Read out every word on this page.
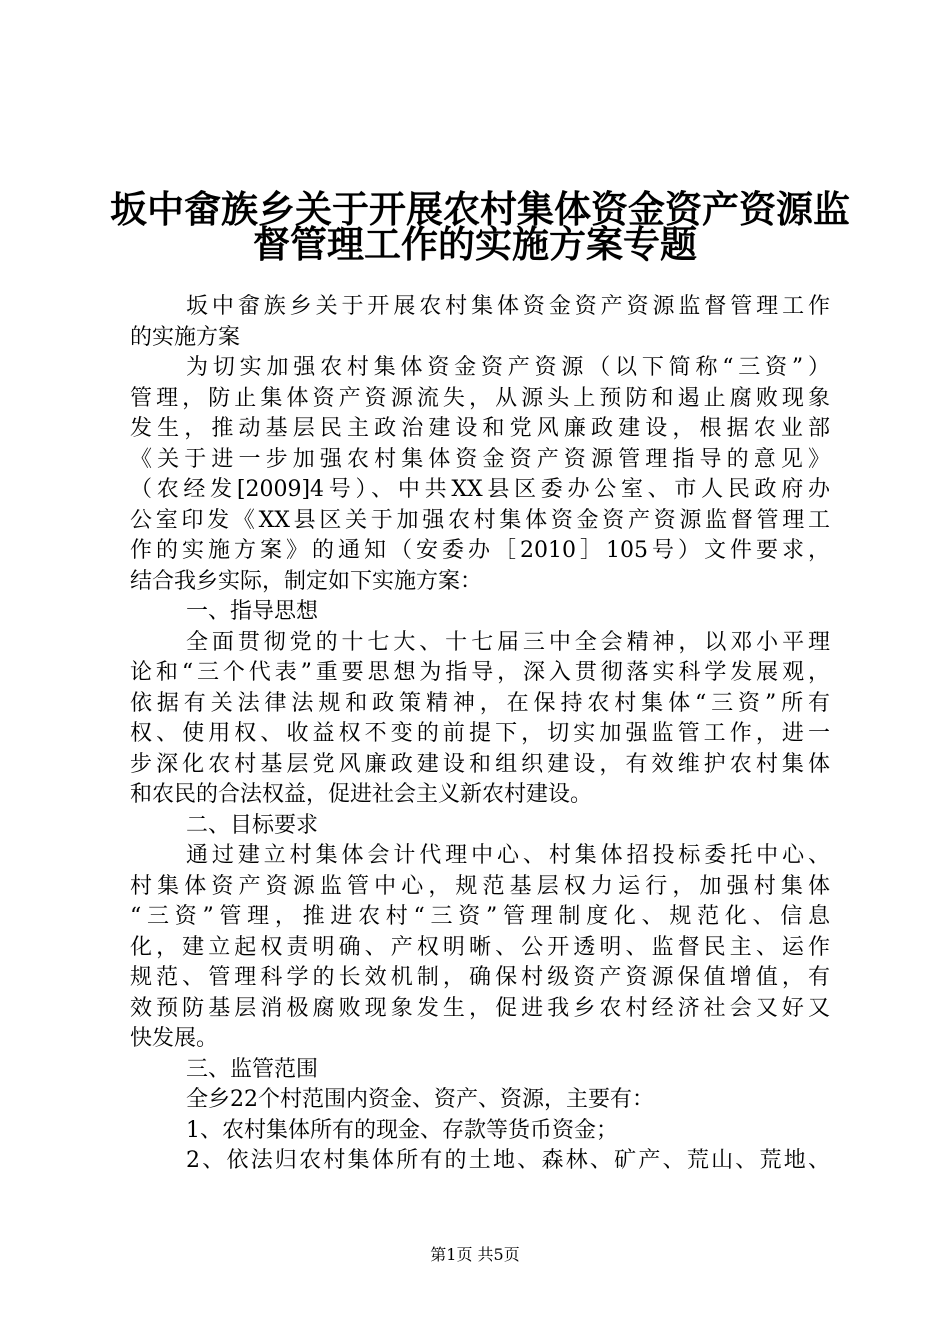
坂中畲族乡关于开展农村集体资金资产资源监
督管理工作的实施方案专题
坂中畲族乡关于开展农村集体资金资产资源监督管理工作
的实施方案
为切实加强农村集体资金资产资源（以下简称“三资”）
管理，防止集体资产资源流失，从源头上预防和遏止腐败现象
发生，推动基层民主政治建设和党风廉政建设，根据农业部
《关于进一步加强农村集体资金资产资源管理指导的意见》
（农经发[2009]4号）、中共XX县区委办公室、市人民政府办
公室印发《XX县区关于加强农村集体资金资产资源监督管理工
作的实施方案》的通知（安委办［2010］105号）文件要求，
结合我乡实际，制定如下实施方案：
一、指导思想
全面贯彻党的十七大、十七届三中全会精神，以邓小平理
论和“三个代表”重要思想为指导，深入贯彻落实科学发展观，
依据有关法律法规和政策精神，在保持农村集体“三资”所有
权、使用权、收益权不变的前提下，切实加强监管工作，进一
步深化农村基层党风廉政建设和组织建设，有效维护农村集体
和农民的合法权益，促进社会主义新农村建设。
二、目标要求
通过建立村集体会计代理中心、村集体招投标委托中心、
村集体资产资源监管中心，规范基层权力运行，加强村集体
“三资”管理，推进农村“三资”管理制度化、规范化、信息
化，建立起权责明确、产权明晰、公开透明、监督民主、运作
规范、管理科学的长效机制，确保村级资产资源保值增值，有
效预防基层消极腐败现象发生，促进我乡农村经济社会又好又
快发展。
三、监管范围
全乡22个村范围内资金、资产、资源，主要有：
1、农村集体所有的现金、存款等货币资金；
2、依法归农村集体所有的土地、森林、矿产、荒山、荒地、
第1页 共5页
